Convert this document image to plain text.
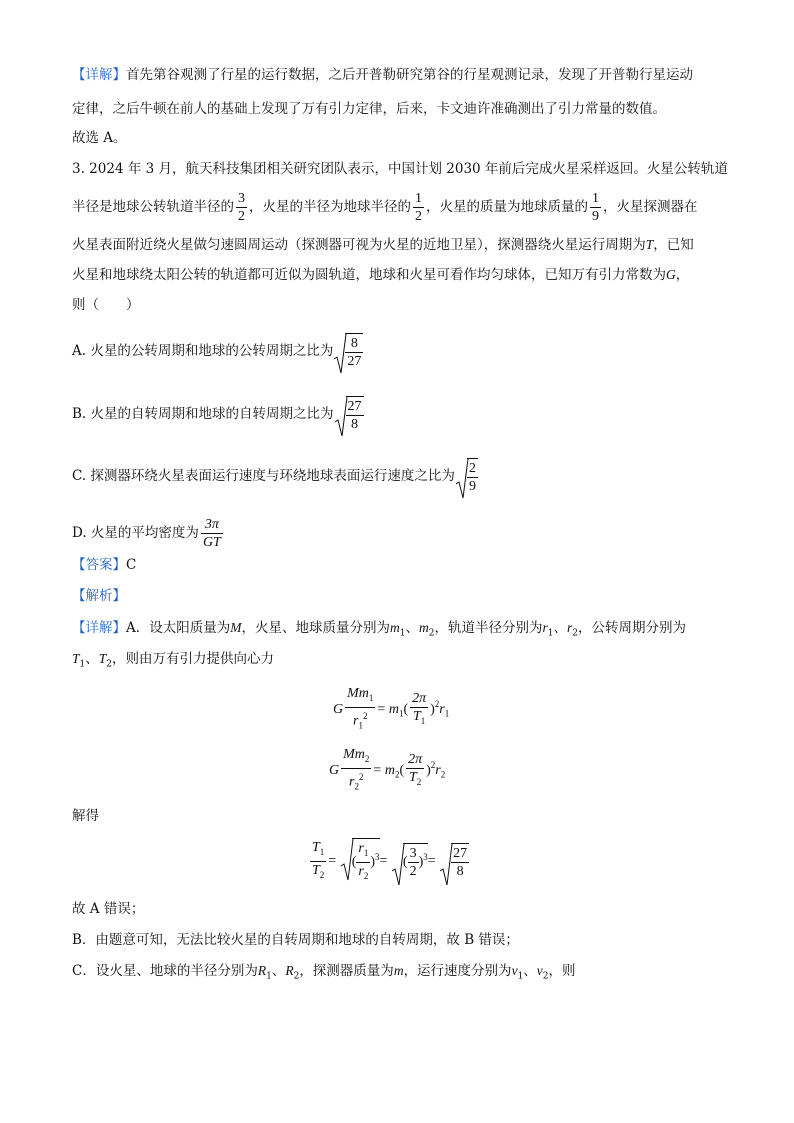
【详解】首先第谷观测了行星的运行数据，之后开普勒研究第谷的行星观测记录，发现了开普勒行星运动
定律，之后牛顿在前人的基础上发现了万有引力定律，后来，卡文迪许准确测出了引力常量的数值。
故选 A。
3. 2024 年 3 月，航天科技集团相关研究团队表示，中国计划 2030 年前后完成火星采样返回。火星公转轨道
半径是地球公转轨道半径的 $\frac{3}{2}$ ，火星的半径为地球半径的 $\frac{1}{2}$ ，火星的质量为地球质量的 $\frac{1}{9}$ ，火星探测器在
火星表面附近绕火星做匀速圆周运动（探测器可视为火星的近地卫星），探测器绕火星运行周期为T，已知
火星和地球绕太阳公转的轨道都可近似为圆轨道，地球和火星可看作均匀球体，已知万有引力常数为G，
则（　　）
A. 火星的公转周期和地球的公转周期之比为 $\frac{8}{27}$
B. 火星的自转周期和地球的自转周期之比为 $\frac{27}{8}$
C. 探测器环绕火星表面运行速度与环绕地球表面运行速度之比为 $\frac{2}{9}$
D. 火星的平均密度为 $\frac{3\pi}{GT}$
【答案】C
【解析】
【详解】A．设太阳质量为M，火星、地球质量分别为$m_1$、$m_2$，轨道半径分别为$r_1$、$r_2$，公转周期分别为
$T_1$、$T_2$，则由万有引力提供向心力
G $\frac{Mm_1}{r_1^2} = m_1( \frac{2\pi}{T_1} )^2r_1$
G $\frac{Mm_2}{r_2^2} = m_2( \frac{2\pi}{T_2} )^2r_2$
解得
$\frac{T_1}{T_2}$ =
( $\frac{r_1}{r_2} )^3=$
( $\frac{3}{2} )^3= \frac{27}{8}$
故 A 错误；
B．由题意可知，无法比较火星的自转周期和地球的自转周期，故 B 错误；
C．设火星、地球的半径分别为$R_1$、$R_2$，探测器质量为m，运行速度分别为$v_1$、$v_2$，则
